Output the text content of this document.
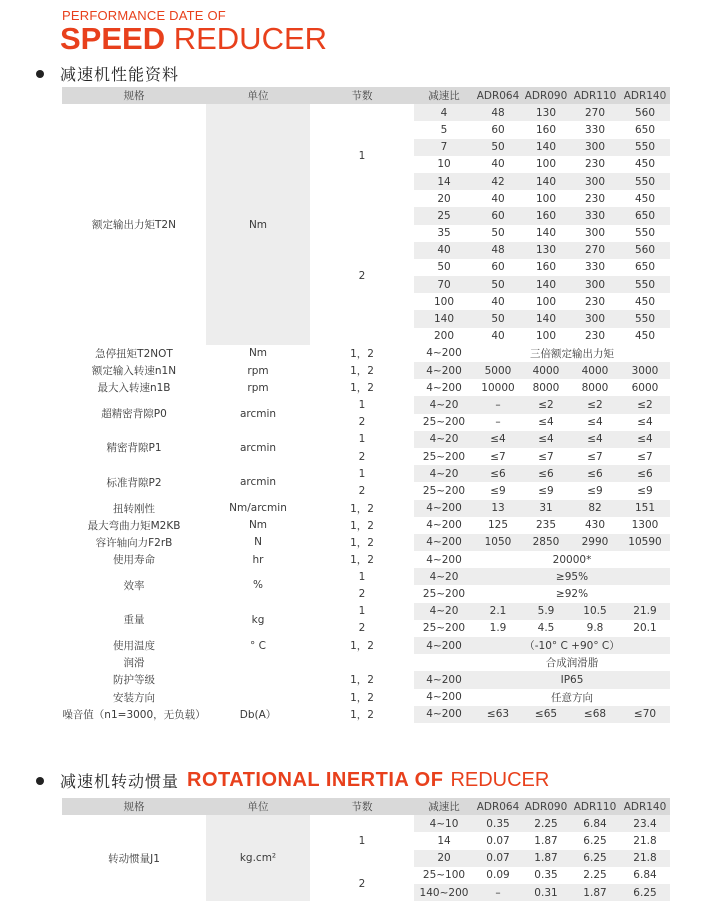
PERFORMANCE DATE OF
SPEED REDUCER
减速机性能资料
规格	单位	节数	减速比	ADR064	ADR090	ADR110	ADR140
额定输出力矩T2N	Nm	1	4	48	130	270	560
			5	60	160	330	650
			7	50	140	300	550
			10	40	100	230	450
			14	42	140	300	550
			20	40	100	230	450
		2	25	60	160	330	650
			35	50	140	300	550
			40	48	130	270	560
			50	60	160	330	650
			70	50	140	300	550
			100	40	100	230	450
			140	50	140	300	550
			200	40	100	230	450
急停扭矩T2NOT	Nm	1，2	4~200	三倍额定输出力矩			
额定输入转速n1N	rpm	1，2	4~200	5000	4000	4000	3000
最大入转速n1B	rpm	1，2	4~200	10000	8000	8000	6000
超精密背隙P0	arcmin	1	4~20	–	≤2	≤2	≤2
		2	25~200	–	≤4	≤4	≤4
精密背隙P1	arcmin	1	4~20	≤4	≤4	≤4	≤4
		2	25~200	≤7	≤7	≤7	≤7
标准背隙P2	arcmin	1	4~20	≤6	≤6	≤6	≤6
		2	25~200	≤9	≤9	≤9	≤9
扭转刚性	Nm/arcmin	1，2	4~200	13	31	82	151
最大弯曲力矩M2KB	Nm	1，2	4~200	125	235	430	1300
容许轴向力F2rB	N	1，2	4~200	1050	2850	2990	10590
使用寿命	hr	1，2	4~200	20000*			
效率	%	1	4~20	≥95%			
		2	25~200	≥92%			
重量	kg	1	4~20	2.1	5.9	10.5	21.9
		2	25~200	1.9	4.5	9.8	20.1
使用温度	° C	1，2	4~200	（-10° C +90° C）			
润滑				合成润滑脂			
防护等级		1，2	4~200	IP65			
安装方向		1，2	4~200	任意方向			
噪音值（n1=3000，无负载）	Db(A）	1，2	4~200	≤63	≤65	≤68	≤70
减速机转动惯量 ROTATIONAL INERTIA OF REDUCER
规格	单位	节数	减速比	ADR064	ADR090	ADR110	ADR140
转动惯量J1	kg.cm²	1	4~10	0.35	2.25	6.84	23.4
			14	0.07	1.87	6.25	21.8
			20	0.07	1.87	6.25	21.8
		2	25~100	0.09	0.35	2.25	6.84
			140~200	–	0.31	1.87	6.25
